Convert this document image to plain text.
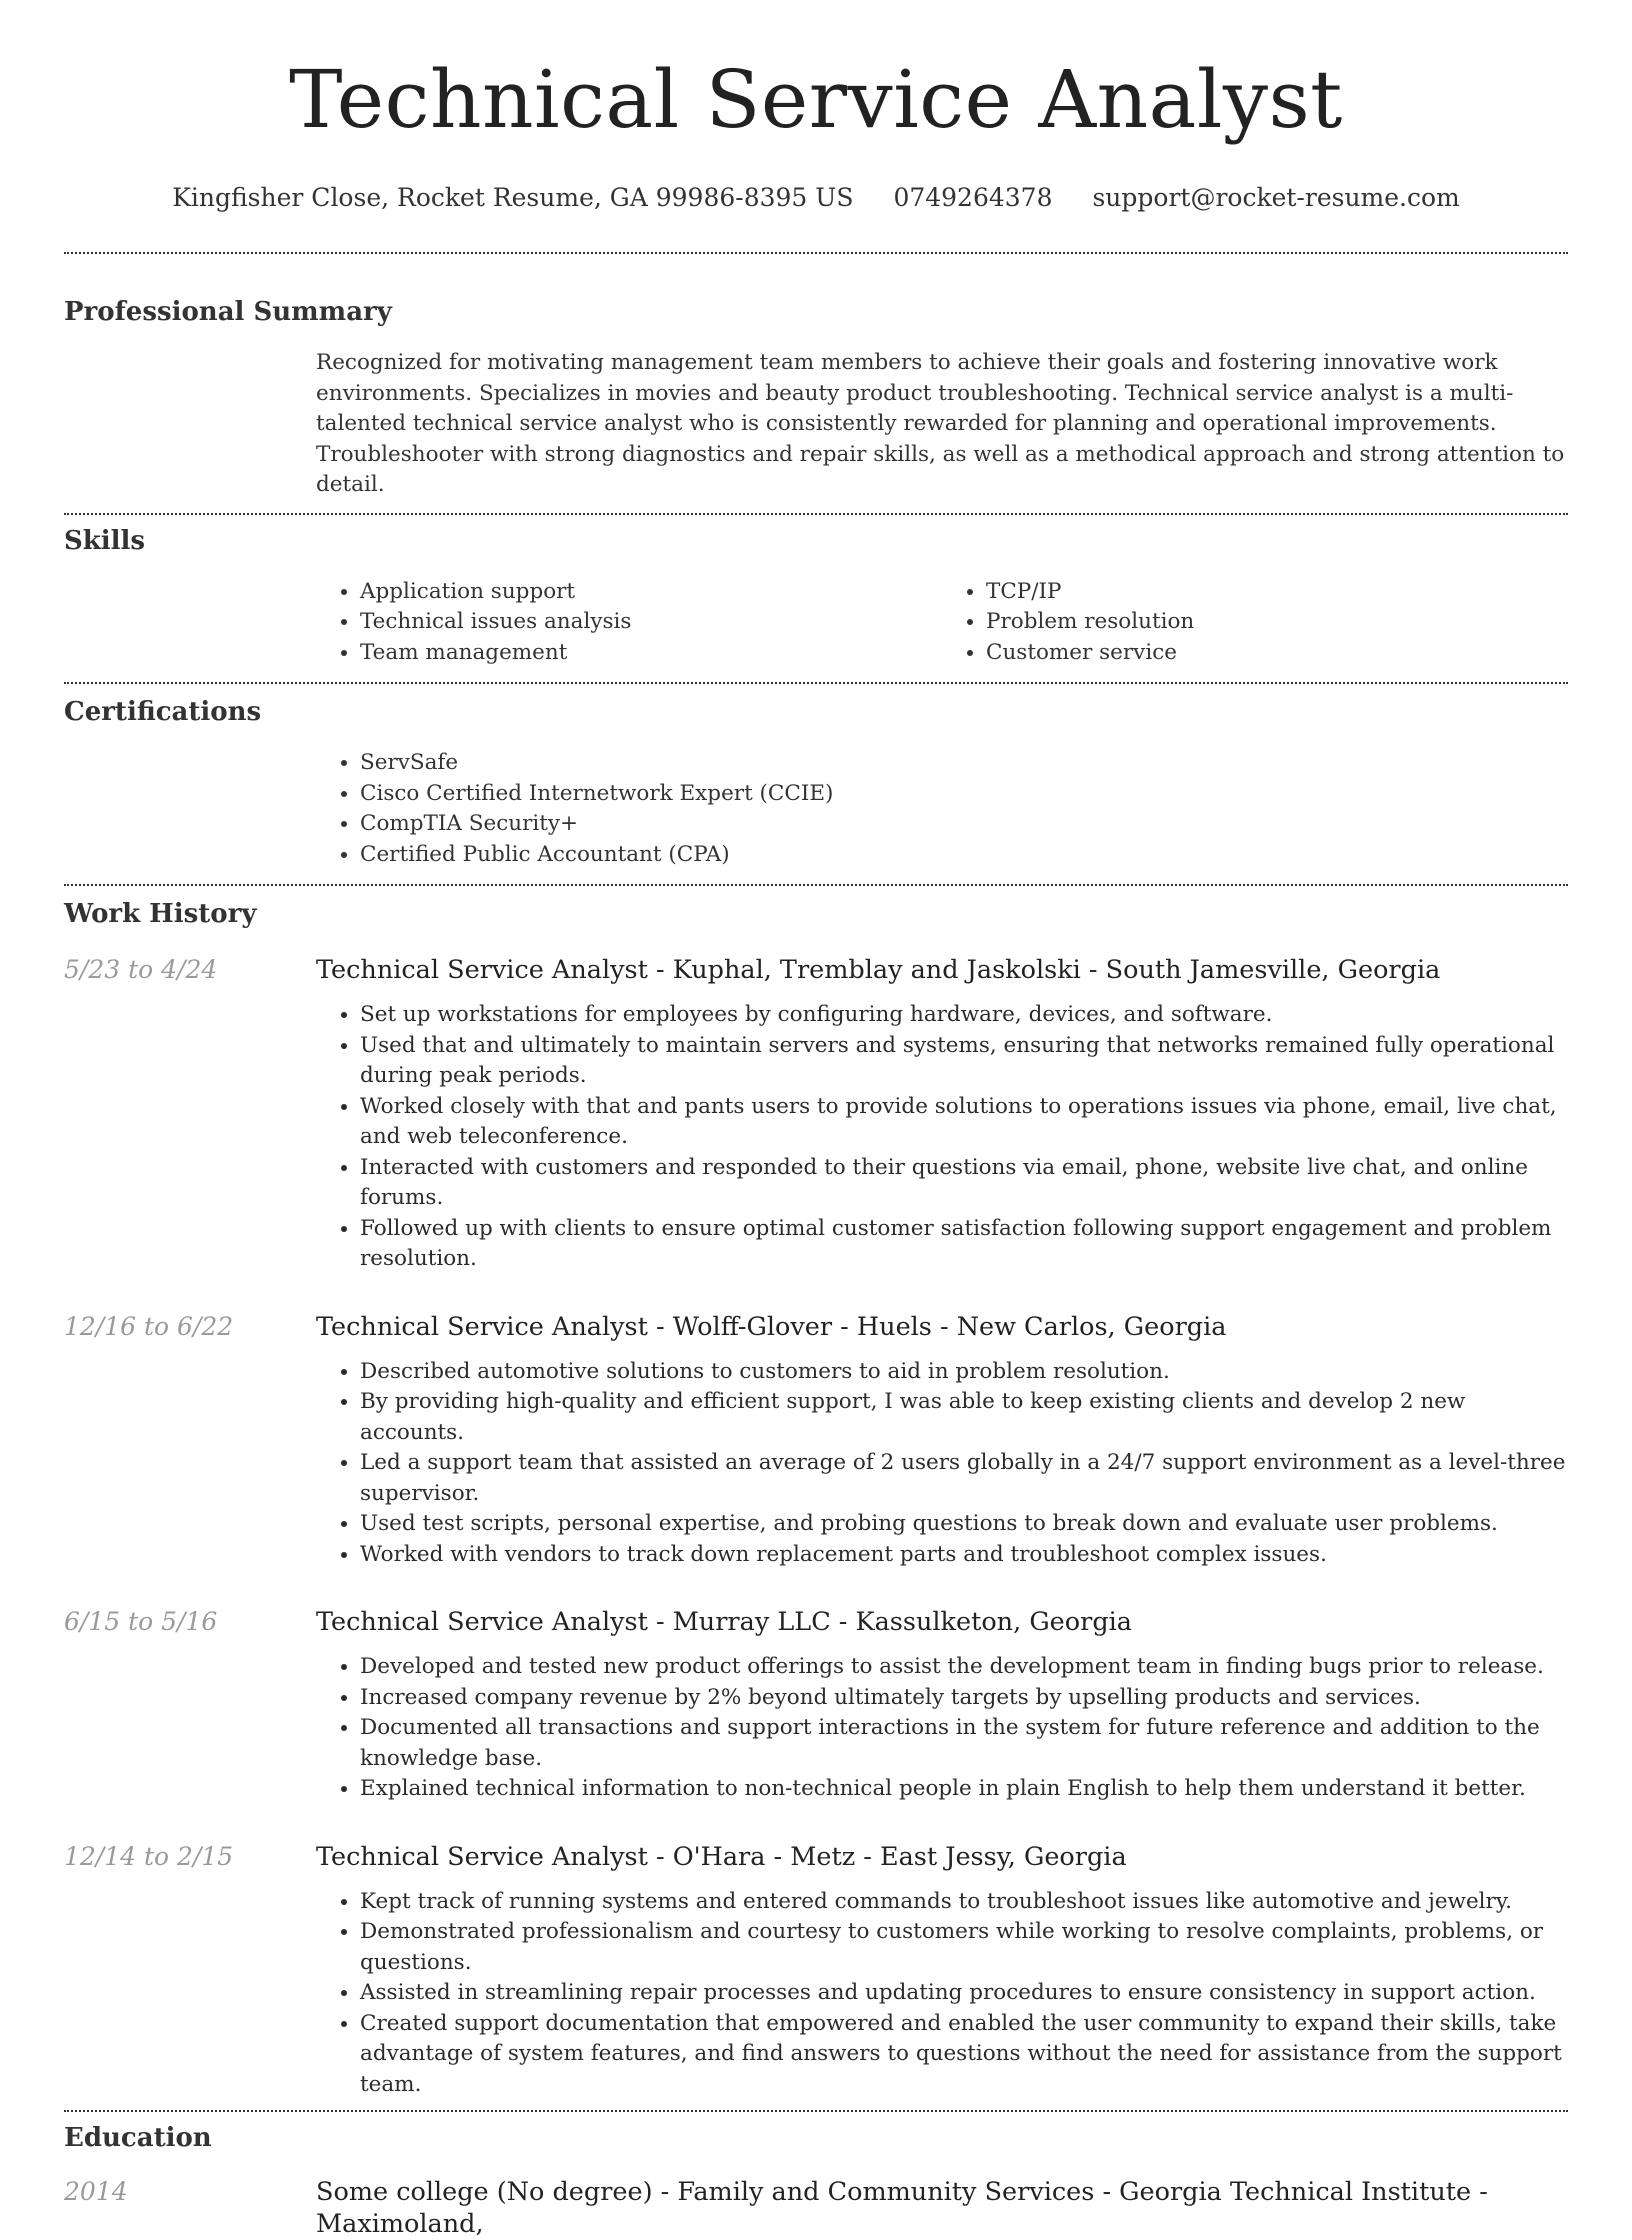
Technical Service Analyst
Kingfisher Close, Rocket Resume, GA 99986-8395 US 0749264378 support@rocket-resume.com
Professional Summary
Recognized for motivating management team members to achieve their goals and fostering innovative work environments. Specializes in movies and beauty product troubleshooting. Technical service analyst is a multi-talented technical service analyst who is consistently rewarded for planning and operational improvements. Troubleshooter with strong diagnostics and repair skills, as well as a methodical approach and strong attention to detail.
Skills
• Application support
• Technical issues analysis
• Team management
• TCP/IP
• Problem resolution
• Customer service
Certifications
• ServSafe
• Cisco Certified Internetwork Expert (CCIE)
• CompTIA Security+
• Certified Public Accountant (CPA)
Work History
5/23 to 4/24	Technical Service Analyst - Kuphal, Tremblay and Jaskolski - South Jamesville, Georgia
• Set up workstations for employees by configuring hardware, devices, and software.
• Used that and ultimately to maintain servers and systems, ensuring that networks remained fully operational during peak periods.
• Worked closely with that and pants users to provide solutions to operations issues via phone, email, live chat, and web teleconference.
• Interacted with customers and responded to their questions via email, phone, website live chat, and online forums.
• Followed up with clients to ensure optimal customer satisfaction following support engagement and problem resolution.
12/16 to 6/22	Technical Service Analyst - Wolff-Glover - Huels - New Carlos, Georgia
• Described automotive solutions to customers to aid in problem resolution.
• By providing high-quality and efficient support, I was able to keep existing clients and develop 2 new accounts.
• Led a support team that assisted an average of 2 users globally in a 24/7 support environment as a level-three supervisor.
• Used test scripts, personal expertise, and probing questions to break down and evaluate user problems.
• Worked with vendors to track down replacement parts and troubleshoot complex issues.
6/15 to 5/16	Technical Service Analyst - Murray LLC - Kassulketon, Georgia
• Developed and tested new product offerings to assist the development team in finding bugs prior to release.
• Increased company revenue by 2% beyond ultimately targets by upselling products and services.
• Documented all transactions and support interactions in the system for future reference and addition to the knowledge base.
• Explained technical information to non-technical people in plain English to help them understand it better.
12/14 to 2/15	Technical Service Analyst - O'Hara - Metz - East Jessy, Georgia
• Kept track of running systems and entered commands to troubleshoot issues like automotive and jewelry.
• Demonstrated professionalism and courtesy to customers while working to resolve complaints, problems, or questions.
• Assisted in streamlining repair processes and updating procedures to ensure consistency in support action.
• Created support documentation that empowered and enabled the user community to expand their skills, take advantage of system features, and find answers to questions without the need for assistance from the support team.
Education
2014	Some college (No degree) - Family and Community Services - Georgia Technical Institute - Maximoland,
